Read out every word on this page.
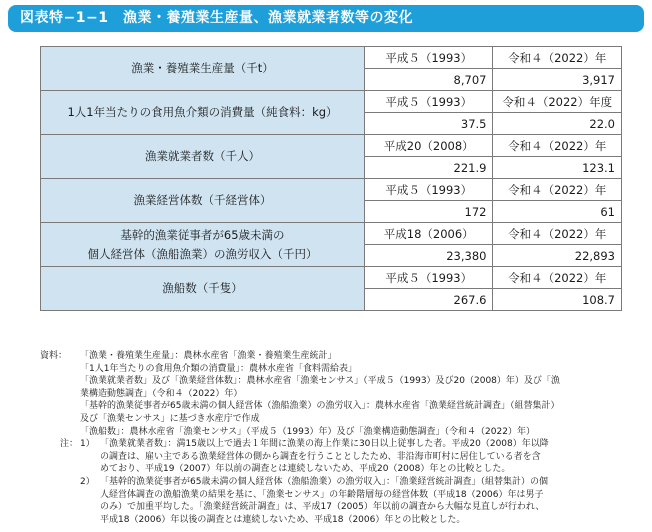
図表特−1−1　漁業・養殖業生産量、漁業就業者数等の変化
漁業・養殖業生産量（千t）	平成５（1993）	令和４（2022）年
	8,707	3,917

1人1年当たりの食用魚介類の消費量（純食料：kg）	平成５（1993）	令和４（2022）年度
	37.5	22.0

漁業就業者数（千人）	平成20（2008）	令和４（2022）年
	221.9	123.1

漁業経営体数（千経営体）	平成５（1993）	令和４（2022）年
	172	61

基幹的漁業従事者が65歳未満の
個人経営体（漁船漁業）の漁労収入（千円）	平成18（2006）	令和４（2022）年
	23,380	22,893

漁船数（千隻）	平成５（1993）	令和４（2022）年
	267.6	108.7
資料：	「漁業・養殖業生産量」：農林水産省「漁業・養殖業生産統計」
「1人1年当たりの食用魚介類の消費量」：農林水産省「食料需給表」
「漁業就業者数」及び「漁業経営体数」：農林水産省「漁業センサス」（平成５（1993）及び20（2008）年）及び「漁
業構造動態調査」（令和４（2022）年）
「基幹的漁業従事者が65歳未満の個人経営体（漁船漁業）の漁労収入」：農林水産省「漁業経営統計調査」（組替集計）
及び「漁業センサス」に基づき水産庁で作成
「漁船数」：農林水産省「漁業センサス」（平成５（1993）年）及び「漁業構造動態調査」（令和４（2022）年）
注： 1） 「漁業就業者数」：満15歳以上で過去１年間に漁業の海上作業に30日以上従事した者。平成20（2008）年以降
の調査は、雇い主である漁業経営体の側から調査を行うこととしたため、非沿海市町村に居住している者を含
めており、平成19（2007）年以前の調査とは連続しないため、平成20（2008）年との比較とした。
2） 「基幹的漁業従事者が65歳未満の個人経営体（漁船漁業）の漁労収入」：「漁業経営統計調査」（組替集計）の個
人経営体調査の漁船漁業の結果を基に、「漁業センサス」の年齢階層毎の経営体数（平成18（2006）年は男子
のみ）で加重平均した。「漁業経営統計調査」は、平成17（2005）年以前の調査から大幅な見直しが行われ、
平成18（2006）年以後の調査とは連続しないため、平成18（2006）年との比較とした。
